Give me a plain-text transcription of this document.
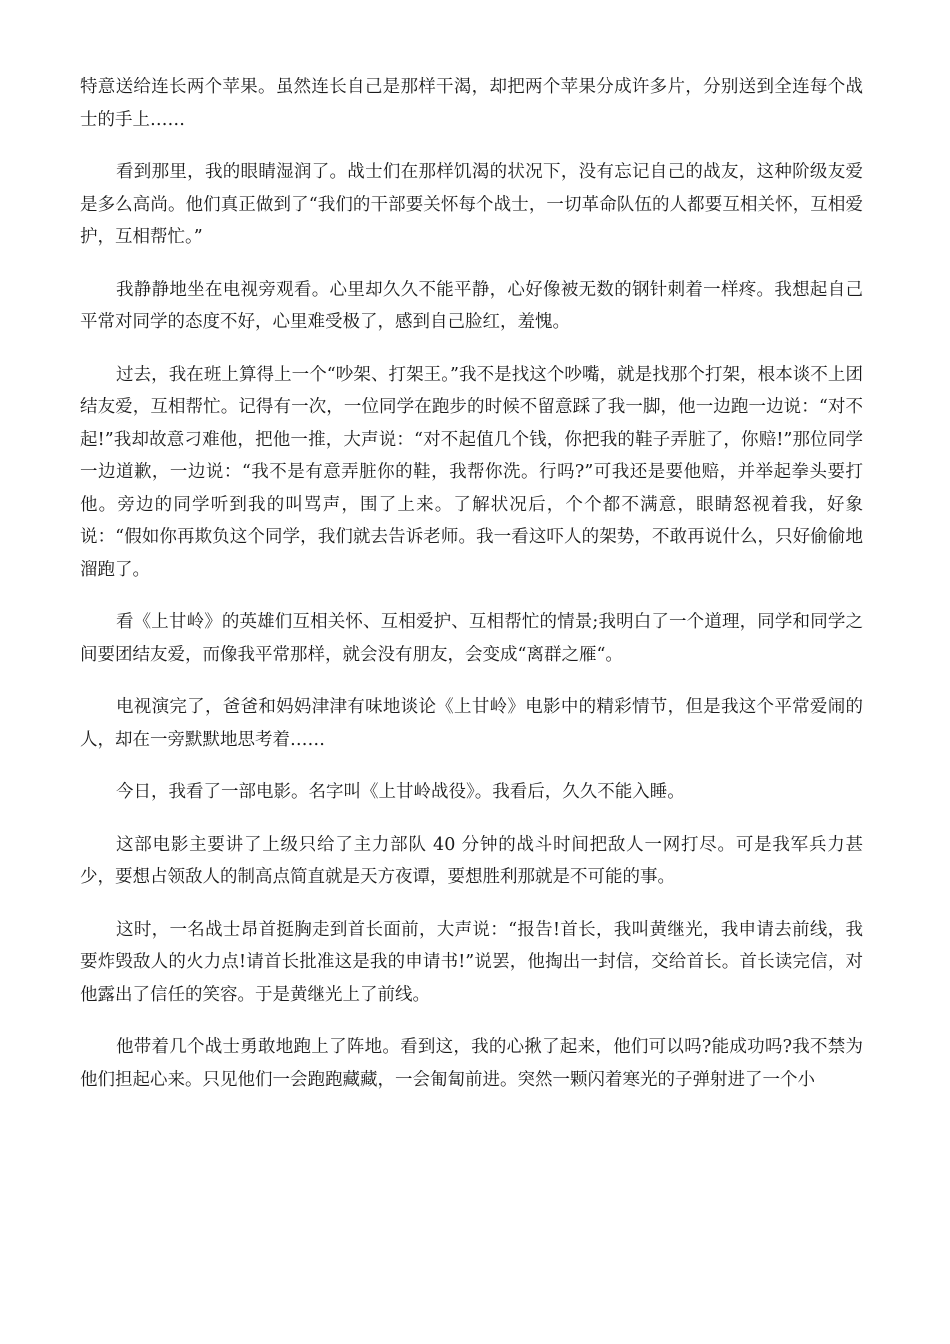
特意送给连长两个苹果。虽然连长自己是那样干渴，却把两个苹果分成许多片，分别送到全连每个战士的手上……

看到那里，我的眼睛湿润了。战士们在那样饥渴的状况下，没有忘记自己的战友，这种阶级友爱是多么高尚。他们真正做到了“我们的干部要关怀每个战士，一切革命队伍的人都要互相关怀，互相爱护，互相帮忙。”

我静静地坐在电视旁观看。心里却久久不能平静，心好像被无数的钢针刺着一样疼。我想起自己平常对同学的态度不好，心里难受极了，感到自己脸红，羞愧。

过去，我在班上算得上一个“吵架、打架王。”我不是找这个吵嘴，就是找那个打架，根本谈不上团结友爱，互相帮忙。记得有一次，一位同学在跑步的时候不留意踩了我一脚，他一边跑一边说：“对不起!”我却故意刁难他，把他一推，大声说：“对不起值几个钱，你把我的鞋子弄脏了，你赔!”那位同学一边道歉，一边说：“我不是有意弄脏你的鞋，我帮你洗。行吗?”可我还是要他赔，并举起拳头要打他。旁边的同学听到我的叫骂声，围了上来。了解状况后，个个都不满意，眼睛怒视着我，好象说：“假如你再欺负这个同学，我们就去告诉老师。我一看这吓人的架势，不敢再说什么，只好偷偷地溜跑了。

看《上甘岭》的英雄们互相关怀、互相爱护、互相帮忙的情景;我明白了一个道理，同学和同学之间要团结友爱，而像我平常那样，就会没有朋友，会变成“离群之雁“。

电视演完了，爸爸和妈妈津津有味地谈论《上甘岭》电影中的精彩情节，但是我这个平常爱闹的人，却在一旁默默地思考着……

今日，我看了一部电影。名字叫《上甘岭战役》。我看后，久久不能入睡。

这部电影主要讲了上级只给了主力部队 40 分钟的战斗时间把敌人一网打尽。可是我军兵力甚少，要想占领敌人的制高点简直就是天方夜谭，要想胜利那就是不可能的事。

这时，一名战士昂首挺胸走到首长面前，大声说：“报告!首长，我叫黄继光，我申请去前线，我要炸毁敌人的火力点!请首长批准这是我的申请书!”说罢，他掏出一封信，交给首长。首长读完信，对他露出了信任的笑容。于是黄继光上了前线。

他带着几个战士勇敢地跑上了阵地。看到这，我的心揪了起来，他们可以吗?能成功吗?我不禁为他们担起心来。只见他们一会跑跑藏藏，一会匍匐前进。突然一颗闪着寒光的子弹射进了一个小
